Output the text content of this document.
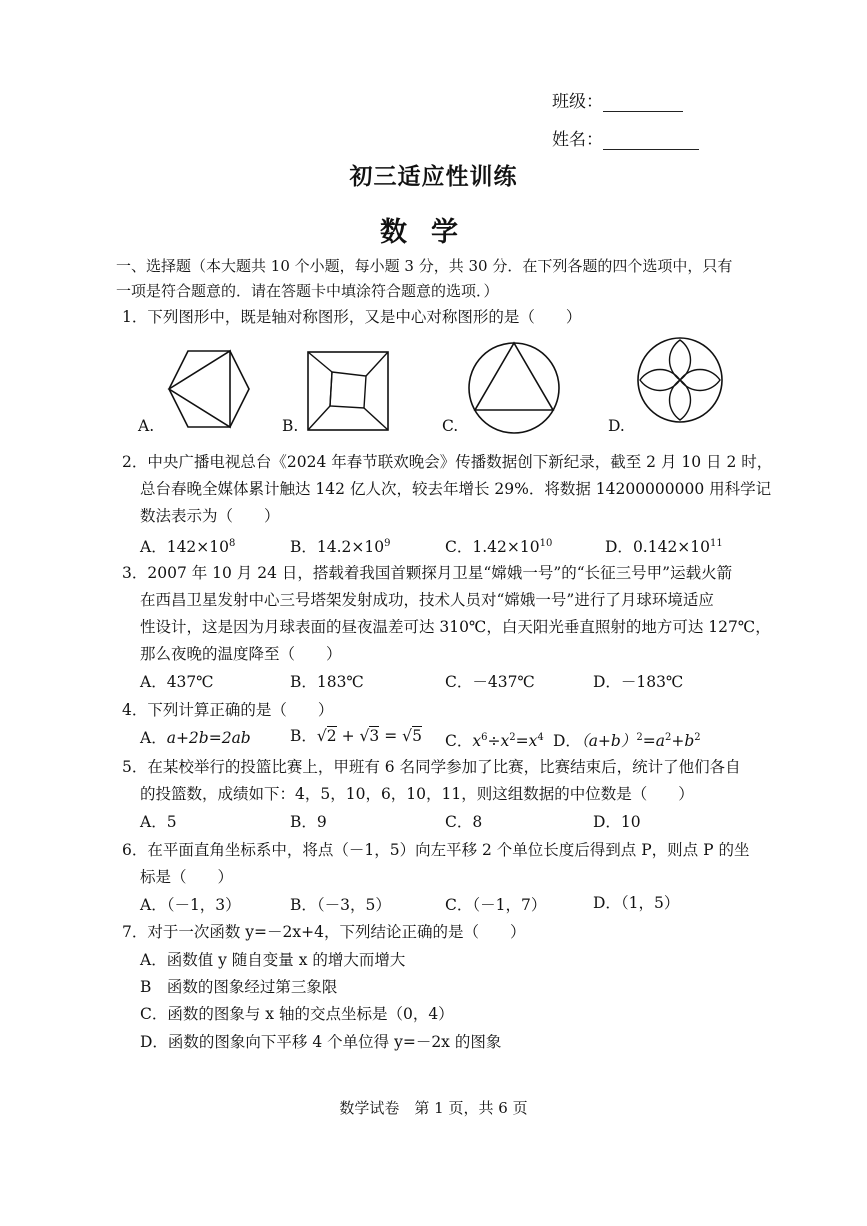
班级：
姓名：
初三适应性训练
数学
一、选择题（本大题共 10 个小题，每小题 3 分，共 30 分．在下列各题的四个选项中，只有
一项是符合题意的．请在答题卡中填涂符合题意的选项．）
1．下列图形中，既是轴对称图形，又是中心对称图形的是（　　）
A.	B.	C.	D.
2．中央广播电视总台《2024 年春节联欢晚会》传播数据创下新纪录，截至 2 月 10 日 2 时，
总台春晚全媒体累计触达 142 亿人次，较去年增长 29%．将数据 14200000000 用科学记
数法表示为（　　）
A．$142\times 10^8$	B．$14.2\times 10^9$	C．$1.42\times 10^{10}$	D．$0.142\times 10^{11}$
3．2007 年 10 月 24 日，搭载着我国首颗探月卫星“嫦娥一号”的“长征三号甲”运载火箭
在西昌卫星发射中心三号塔架发射成功，技术人员对“嫦娥一号”进行了月球环境适应
性设计，这是因为月球表面的昼夜温差可达 310℃，白天阳光垂直照射的地方可达 127℃，
那么夜晚的温度降至（　　）
A．437℃	B．183℃	C．－437℃	D．－183℃
4．下列计算正确的是（　　）
A．a+2b=2ab	B．√2 + √3 = √5 C．$x^6\div x^2=x^4$ D．$(a+b)^2=a^2+b^2$
5．在某校举行的投篮比赛上，甲班有 6 名同学参加了比赛，比赛结束后，统计了他们各自
的投篮数，成绩如下：4，5，10，6，10，11，则这组数据的中位数是（　　）
A．5	B．9	C．8	D．10
6．在平面直角坐标系中，将点（－1，5）向左平移 2 个单位长度后得到点 P，则点 P 的坐
标是（　　）
A．（－1，3）	B．（－3，5）	C．（－1，7）	D．（1，5）
7．对于一次函数 y=－2x+4，下列结论正确的是（　　）
A．函数值 y 随自变量 x 的增大而增大
B　函数的图象经过第三象限
C．函数的图象与 x 轴的交点坐标是（0，4）
D．函数的图象向下平移 4 个单位得 y=－2x 的图象
数学试卷　第 1 页，共 6 页
